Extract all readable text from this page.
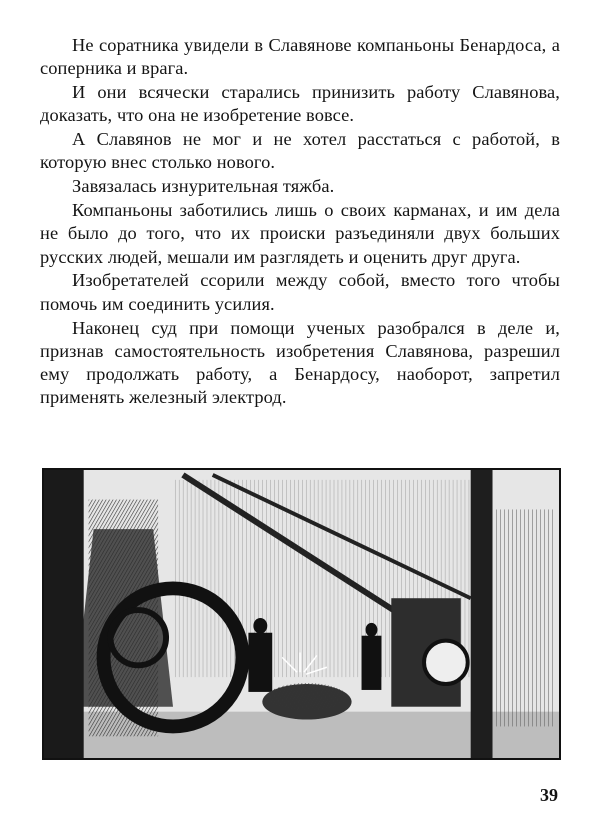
Не соратника увидели в Славянове компаньоны Бенардоса, а соперника и врага.

И они всячески старались принизить работу Славянова, доказать, что она не изобретение вовсе.

А Славянов не мог и не хотел расстаться с работой, в которую внес столько нового.

Завязалась изнурительная тяжба.

Компаньоны заботились лишь о своих карманах, и им дела не было до того, что их происки разъединяли двух больших русских людей, мешали им разглядеть и оценить друг друга.

Изобретателей ссорили между собой, вместо того чтобы помочь им соединить усилия.

Наконец суд при помощи ученых разобрался в деле и, признав самостоятельность изобретения Славянова, разрешил ему продолжать работу, а Бенардосу, наоборот, запретил применять железный электрод.

39
